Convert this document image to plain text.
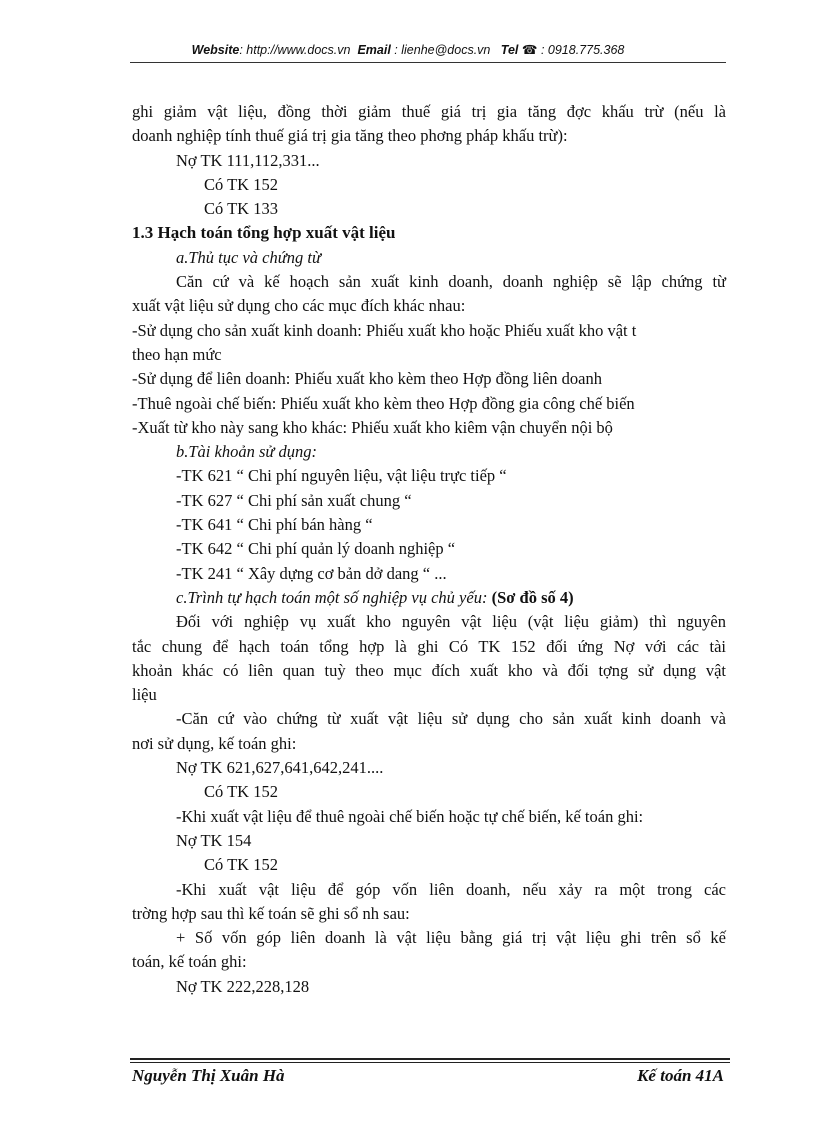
Website: http://www.docs.vn Email : lienhe@docs.vn Tel ☎ : 0918.775.368
ghi giảm vật liệu, đồng thời giảm thuế giá trị gia tăng đợc khấu trừ (nếu là
doanh nghiệp tính thuế giá trị gia tăng theo phơng pháp khấu trừ):
Nợ TK 111,112,331...
Có TK 152
Có TK 133
1.3 Hạch toán tổng hợp xuất vật liệu
a.Thủ tục và chứng từ
Căn cứ và kế hoạch sản xuất kinh doanh, doanh nghiệp sẽ lập chứng từ
xuất vật liệu sử dụng cho các mục đích khác nhau:
-Sử dụng cho sản xuất kinh doanh: Phiếu xuất kho hoặc Phiếu xuất kho vật t
theo hạn mức
-Sử dụng để liên doanh: Phiếu xuất kho kèm theo Hợp đồng liên doanh
-Thuê ngoài chế biến: Phiếu xuất kho kèm theo Hợp đồng gia công chế biến
-Xuất từ kho này sang kho khác: Phiếu xuất kho kiêm vận chuyển nội bộ
b.Tài khoản sử dụng:
-TK 621 “ Chi phí nguyên liệu, vật liệu trực tiếp “
-TK 627 “ Chi phí sản xuất chung “
-TK 641 “ Chi phí bán hàng “
-TK 642 “ Chi phí quản lý doanh nghiệp “
-TK 241 “ Xây dựng cơ bản dở dang “ ...
c.Trình tự hạch toán một số nghiệp vụ chủ yếu: (Sơ đồ số 4)
Đối với nghiệp vụ xuất kho nguyên vật liệu (vật liệu giảm) thì nguyên
tắc chung để hạch toán tổng hợp là ghi Có TK 152 đối ứng Nợ với các tài
khoản khác có liên quan tuỳ theo mục đích xuất kho và đối tợng sử dụng vật
liệu
-Căn cứ vào chứng từ xuất vật liệu sử dụng cho sản xuất kinh doanh và
nơi sử dụng, kế toán ghi:
Nợ TK 621,627,641,642,241....
Có TK 152
-Khi xuất vật liệu để thuê ngoài chế biến hoặc tự chế biến, kế toán ghi:
Nợ TK 154
Có TK 152
-Khi xuất vật liệu để góp vốn liên doanh, nếu xảy ra một trong các
trờng hợp sau thì kế toán sẽ ghi sổ nh sau:
+ Số vốn góp liên doanh là vật liệu bằng giá trị vật liệu ghi trên sổ kế
toán, kế toán ghi:
Nợ TK 222,228,128
Nguyễn Thị Xuân Hà	Kế toán 41A
